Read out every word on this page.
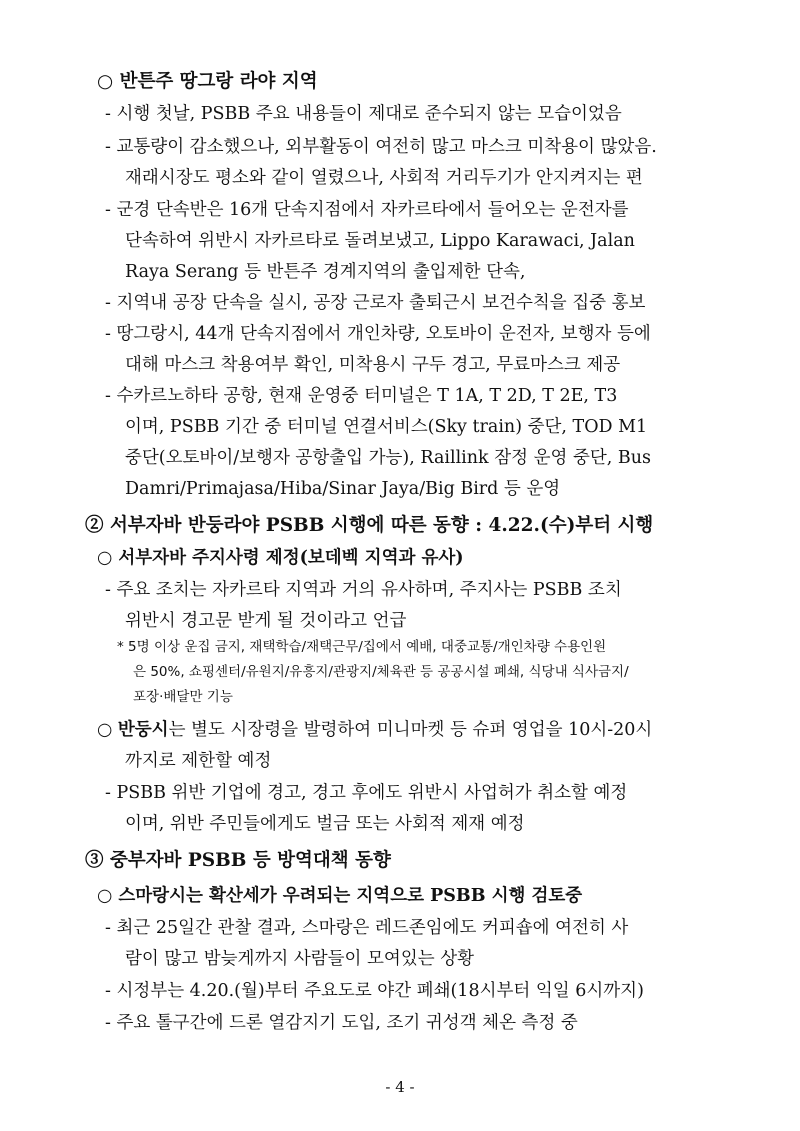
○ 반튼주 땅그랑 라야 지역
- 시행 첫날, PSBB 주요 내용들이 제대로 준수되지 않는 모습이었음
- 교통량이 감소했으나, 외부활동이 여전히 많고 마스크 미착용이 많았음.
재래시장도 평소와 같이 열렸으나, 사회적 거리두기가 안지켜지는 편
- 군경 단속반은 16개 단속지점에서 자카르타에서 들어오는 운전자를
단속하여 위반시 자카르타로 돌려보냈고, Lippo Karawaci, Jalan
Raya Serang 등 반튼주 경계지역의 출입제한 단속,
- 지역내 공장 단속을 실시, 공장 근로자 출퇴근시 보건수칙을 집중 홍보
- 땅그랑시, 44개 단속지점에서 개인차량, 오토바이 운전자, 보행자 등에
대해 마스크 착용여부 확인, 미착용시 구두 경고, 무료마스크 제공
- 수카르노하타 공항, 현재 운영중 터미널은 T 1A, T 2D, T 2E, T3
이며, PSBB 기간 중 터미널 연결서비스(Sky train) 중단, TOD M1
중단(오토바이/보행자 공항출입 가능), Raillink 잠정 운영 중단, Bus
Damri/Primajasa/Hiba/Sinar Jaya/Big Bird 등 운영
② 서부자바 반둥라야 PSBB 시행에 따른 동향 : 4.22.(수)부터 시행
○ 서부자바 주지사령 제정(보데벡 지역과 유사)
- 주요 조치는 자카르타 지역과 거의 유사하며, 주지사는 PSBB 조치
위반시 경고문 받게 될 것이라고 언급
* 5명 이상 운집 금지, 재택학습/재택근무/집에서 예배, 대중교통/개인차량 수용인원
은 50%, 쇼핑센터/유원지/유흥지/관광지/체육관 등 공공시설 폐쇄, 식당내 식사금지/
포장·배달만 기능
○ 반둥시는 별도 시장령을 발령하여 미니마켓 등 슈퍼 영업을 10시-20시
까지로 제한할 예정
- PSBB 위반 기업에 경고, 경고 후에도 위반시 사업허가 취소할 예정
이며, 위반 주민들에게도 벌금 또는 사회적 제재 예정
③ 중부자바 PSBB 등 방역대책 동향
○ 스마랑시는 확산세가 우려되는 지역으로 PSBB 시행 검토중
- 최근 25일간 관찰 결과, 스마랑은 레드존임에도 커피숍에 여전히 사
람이 많고 밤늦게까지 사람들이 모여있는 상황
- 시정부는 4.20.(월)부터 주요도로 야간 폐쇄(18시부터 익일 6시까지)
- 주요 톨구간에 드론 열감지기 도입, 조기 귀성객 체온 측정 중
- 4 -
